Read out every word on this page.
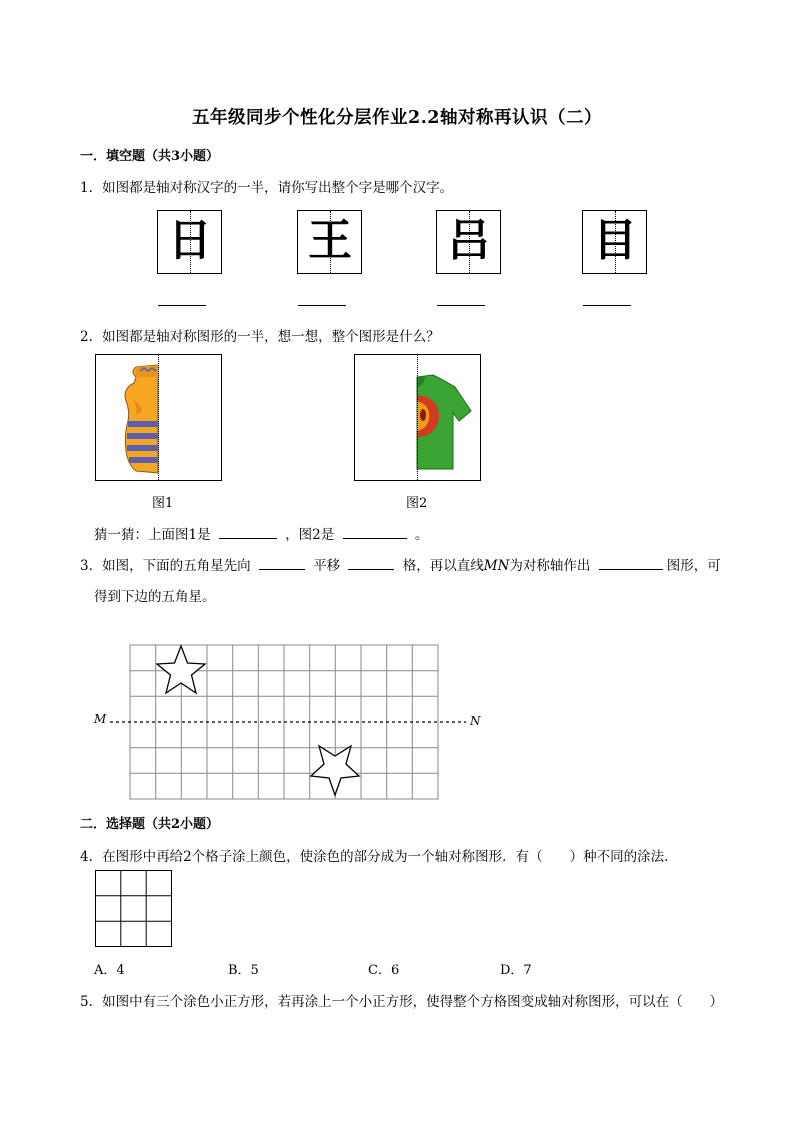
五年级同步个性化分层作业2.2轴对称再认识（二）
一．填空题（共3小题）
1．如图都是轴对称汉字的一半，请你写出整个字是哪个汉字。
日 王 吕 目
2．如图都是轴对称图形的一半，想一想，整个图形是什么？
图1	图2
猜一猜：上面图1是	，图2是	。
3．如图，下面的五角星先向	平移	格，再以直线MN为对称轴作出	图形，可
得到下边的五角星。
M	N
二．选择题（共2小题）
4．在图形中再给2个格子涂上颜色，使涂色的部分成为一个轴对称图形．有（　　）种不同的涂法．
A．4	B．5	C．6	D．7
5．如图中有三个涂色小正方形，若再涂上一个小正方形，使得整个方格图变成轴对称图形，可以在（　　）
